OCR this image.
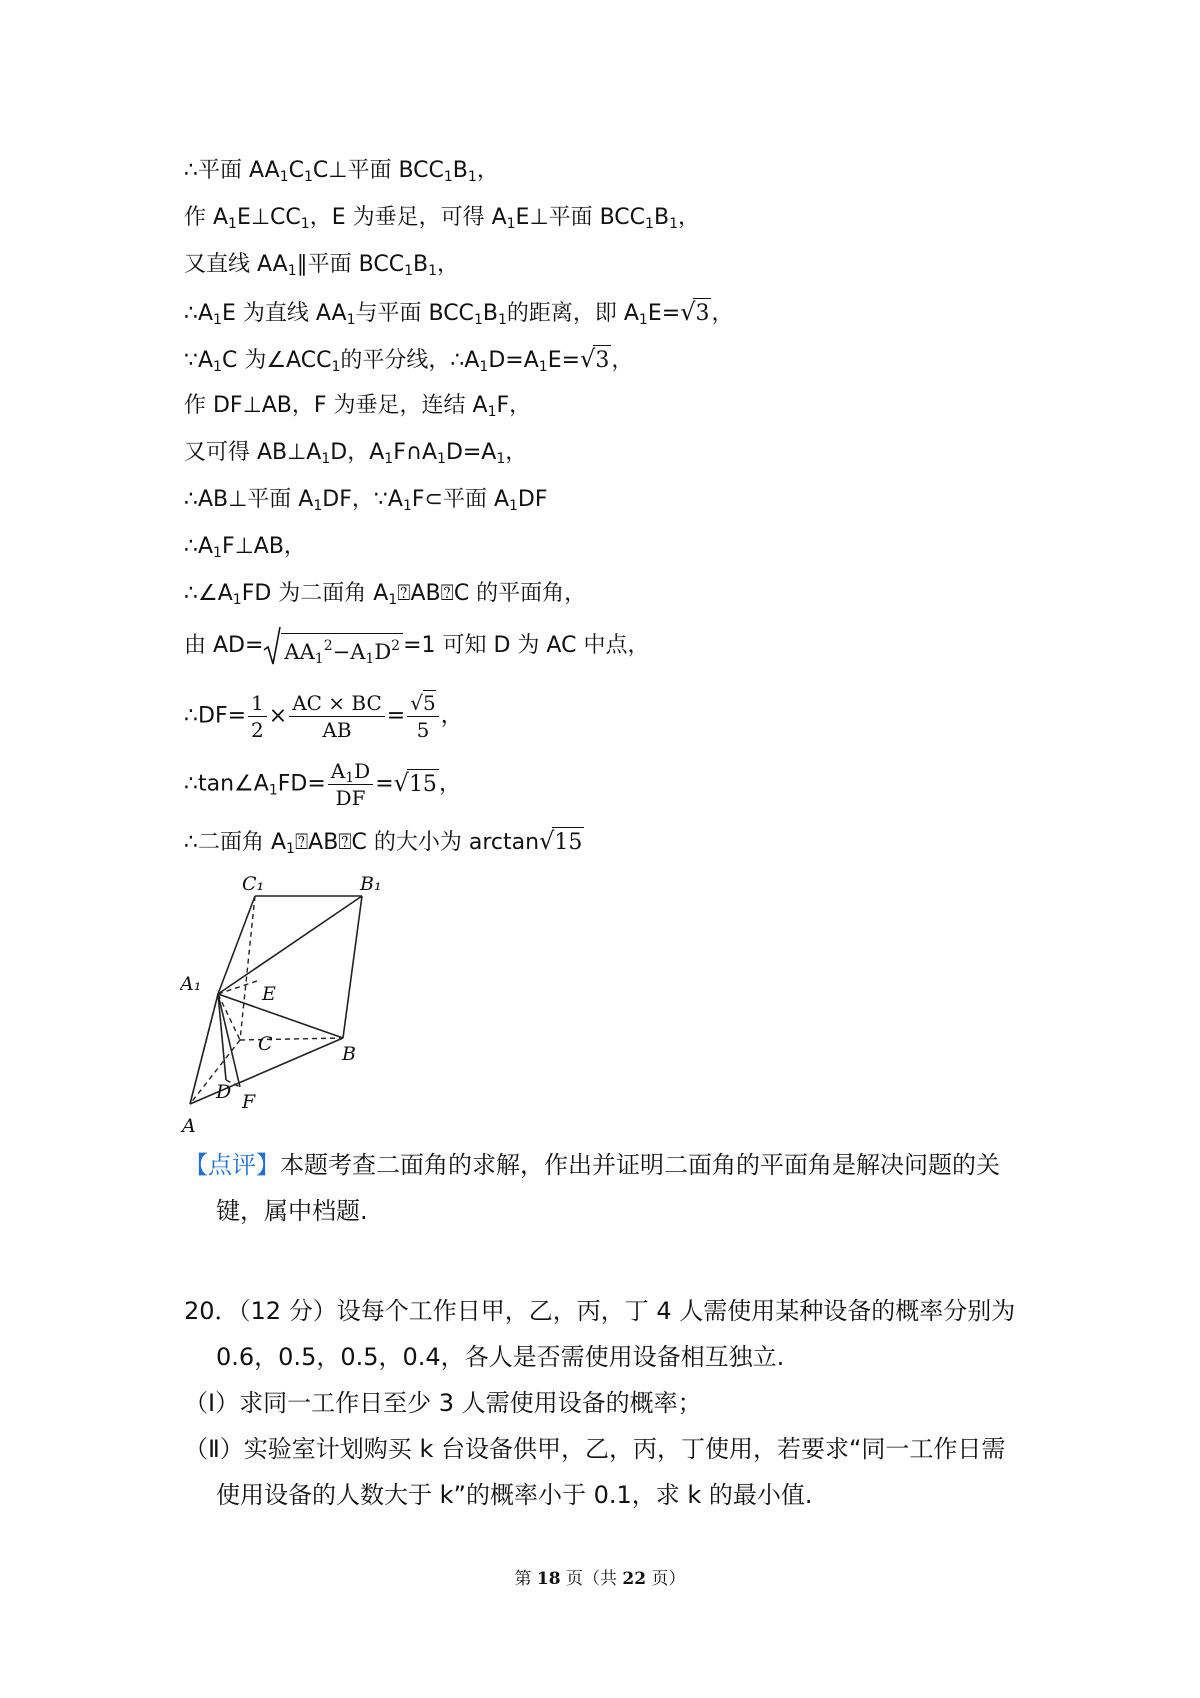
∴平面 $AA_1C_1C\perp$平面 $BCC_1B_1$，
作 $A_1E\perp CC_1$，E 为垂足，可得 $A_1E\perp$平面 $BCC_1B_1$，
又直线 $AA_1\parallel$平面 $BCC_1B_1$，
$\therefore A_1E$ 为直线 $AA_1$与平面 $BCC_1B_1$的距离，即 $A_1E=√3$，
$\because A_1C$ 为$\angle ACC_1$的平分线，$\therefore A_1D=A_1E=√3$，
作 DF⊥AB，F 为垂足，连结 $A_1F$，
又可得 $AB\perp A_1D$，$A_1F\cap A_1D=A_1$，
∴AB⊥平面 $A_1DF$，$\because A_1F\subset$平面 $A_1DF$
$\therefore A_1F\perp AB$，
$\therefore\angle A_1FD$ 为二面角 $A_1⍰AB⍰C$ 的平面角，
由 $AD= AA_1^2-A_1D^2 =1$ 可知 D 为 AC 中点，
∴DF= $\frac{1}{2} \times \frac{AC \times BC}{AB} = \frac{√5}{5}$ ，
$\therefore\tan\angle A_1FD= \frac{A_1D}{DF} =√15$，
∴二面角 $A_1⍰AB⍰C$ 的大小为 arctan√15
C₁	B₁
A₁	E
C	B
D F
A
【点评】本题考查二面角的求解，作出并证明二面角的平面角是解决问题的关
键，属中档题.
20．（12 分）设每个工作日甲，乙，丙，丁 4 人需使用某种设备的概率分别为
0.6，0.5，0.5，0.4，各人是否需使用设备相互独立.
（Ⅰ）求同一工作日至少 3 人需使用设备的概率；
（Ⅱ）实验室计划购买 k 台设备供甲，乙，丙，丁使用，若要求“同一工作日需
使用设备的人数大于 k”的概率小于 0.1，求 k 的最小值.
第 18 页（共 22 页）
